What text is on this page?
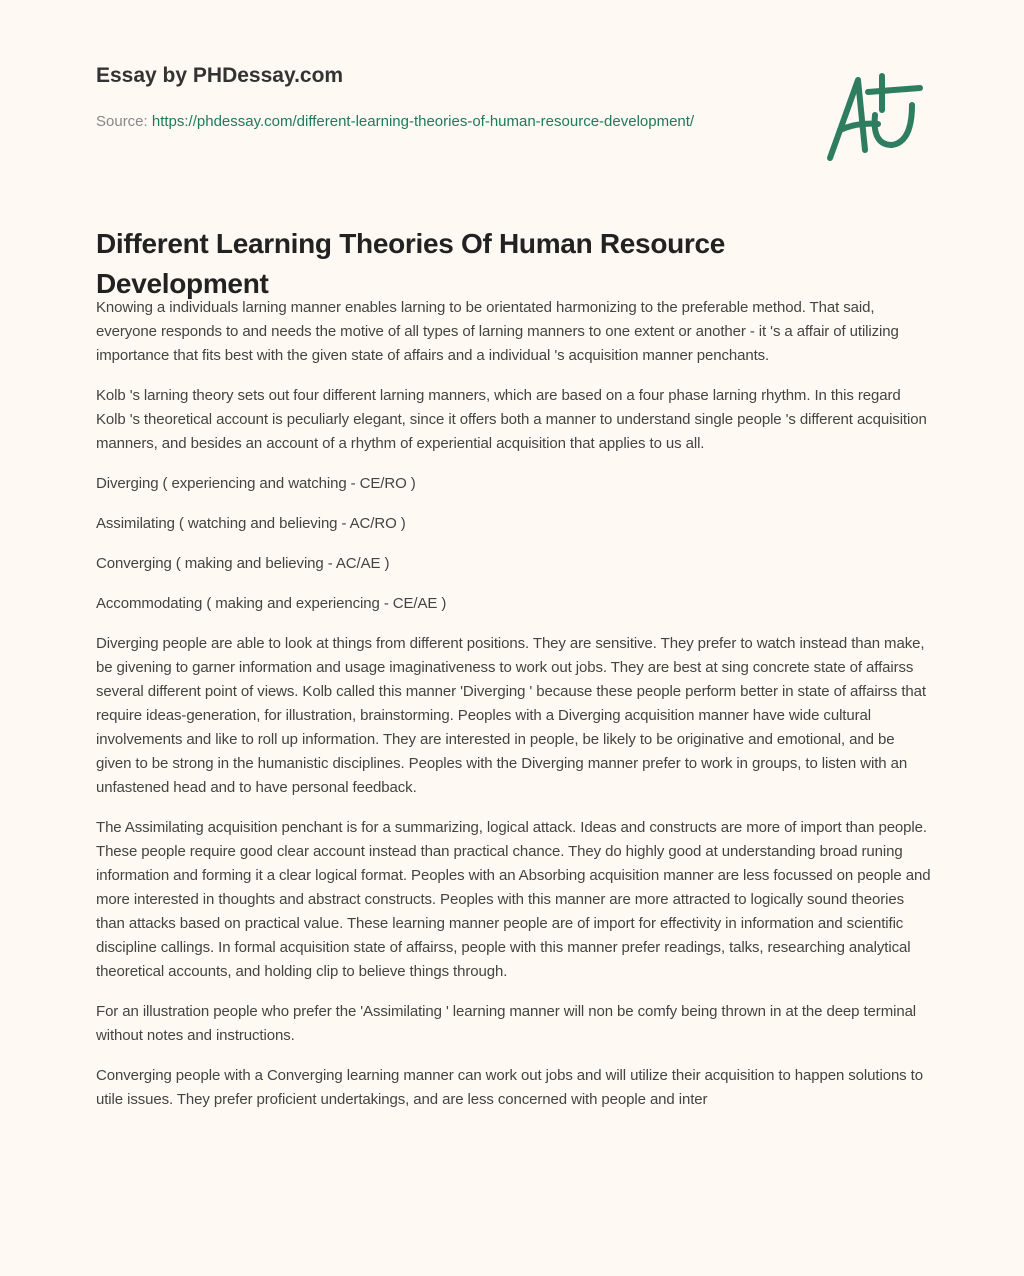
Essay by PHDessay.com
Source: https://phdessay.com/different-learning-theories-of-human-resource-development/
Different Learning Theories Of Human Resource Development

Knowing a individuals larning manner enables larning to be orientated harmonizing to the preferable method. That said, everyone responds to and needs the motive of all types of larning manners to one extent or another - it 's a affair of utilizing importance that fits best with the given state of affairs and a individual 's acquisition manner penchants.

Kolb 's larning theory sets out four different larning manners, which are based on a four phase larning rhythm. In this regard Kolb 's theoretical account is peculiarly elegant, since it offers both a manner to understand single people 's different acquisition manners, and besides an account of a rhythm of experiential acquisition that applies to us all.

Diverging ( experiencing and watching - CE/RO )

Assimilating ( watching and believing - AC/RO )

Converging ( making and believing - AC/AE )

Accommodating ( making and experiencing - CE/AE )

Diverging people are able to look at things from different positions. They are sensitive. They prefer to watch instead than make, be givening to garner information and usage imaginativeness to work out jobs. They are best at sing concrete state of affairss several different point of views. Kolb called this manner 'Diverging ' because these people perform better in state of affairss that require ideas-generation, for illustration, brainstorming. Peoples with a Diverging acquisition manner have wide cultural involvements and like to roll up information. They are interested in people, be likely to be originative and emotional, and be given to be strong in the humanistic disciplines. Peoples with the Diverging manner prefer to work in groups, to listen with an unfastened head and to have personal feedback.

The Assimilating acquisition penchant is for a summarizing, logical attack. Ideas and constructs are more of import than people. These people require good clear account instead than practical chance. They do highly good at understanding broad runing information and forming it a clear logical format. Peoples with an Absorbing acquisition manner are less focussed on people and more interested in thoughts and abstract constructs. Peoples with this manner are more attracted to logically sound theories than attacks based on practical value. These learning manner people are of import for effectivity in information and scientific discipline callings. In formal acquisition state of affairss, people with this manner prefer readings, talks, researching analytical theoretical accounts, and holding clip to believe things through.

For an illustration people who prefer the 'Assimilating ' learning manner will non be comfy being thrown in at the deep terminal without notes and instructions.

Converging people with a Converging learning manner can work out jobs and will utilize their acquisition to happen solutions to utile issues. They prefer proficient undertakings, and are less concerned with people and inter
